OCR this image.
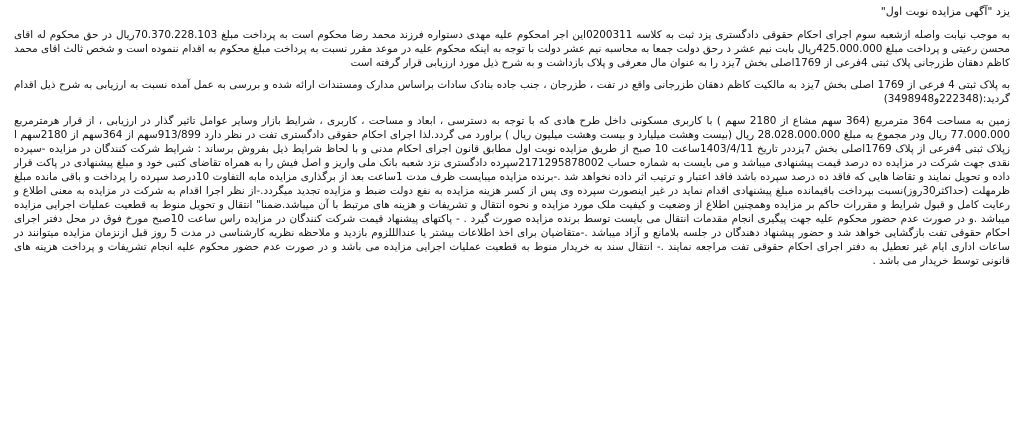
یزد "آگهی مزایده نوبت اول"
به موجب نیابت واصله ازشعبه سوم اجرای احکام حقوقی دادگستری یزد ثبت به کلاسه 0200311این اجر امحکوم علیه مهدی دستواره فرزند محمد رضا محکوم است به پرداخت مبلغ 70.370.228.103ریال در حق محکوم له اقای محسن رعیتی و پرداخت مبلغ 425.000.000ریال بابت نیم عشر د رحق دولت جمعا به محاسبه نیم عشر دولت با توجه به اینکه محکوم علیه در موعد مقرر نسبت به پرداخت مبلغ محکوم به اقدام ننموده است و شخص ثالث اقای محمد کاظم دهقان طزرجانی پلاک ثبتی 4فرعی از 1769اصلی بخش 7یزد را به عنوان مال معرفی و پلاک بازداشت و به شرح ذیل مورد ارزیابی قرار گرفته است
به پلاک ثبتی 4 فرعی از 1769 اصلی بخش 7یزد به مالکیت کاظم دهقان طزرجانی واقع در تفت ، طزرجان ، جنب جاده بنادک سادات براساس مدارک ومستندات ارائه شده و بررسی به عمل آمده نسبت به ارزیابی به شرح ذیل اقدام گردید:(222348و3498948)
زمین به مساحت 364 مترمربع (364 سهم مشاع از 2180 سهم ) با کاربری مسکونی داخل طرح هادی که با توجه به دسترسی ، ابعاد و مساحت ، کاربری ، شرایط بازار وسایر عوامل تاثیر گذار در ارزیابی ، از قرار هرمترمربع 77.000.000 ریال ودر مجموع به مبلغ 28.028.000.000 ریال (بیست وهشت میلیارد و بیست وهشت میلیون ریال ) براورد می گردد.لذا اجرای احکام حقوقی دادگستری تفت در نظر دارد 913/899سهم از 364سهم از 2180سهم ا زپلاک ثبتی 4فرعی از پلاک 1769اصلی بخش 7یزددر تاریخ 1403/4/11ساعت 10 صبح از طریق مزایده نوبت اول مطابق قانون اجرای احکام مدنی و با لحاظ شرایط ذیل بفروش برساند : شرایط شرکت کنندگان در مزایده -سپرده نقدی جهت شرکت در مزایده ده درصد قیمت پیشنهادی میباشد و می بایست به شماره حساب 2171295878002سپرده دادگستری نزد شعبه بانک ملی واریز و اصل فیش را به همراه تقاضای کتبی خود و مبلغ پیشنهادی در پاکت قرار داده و تحویل نمایند و تقاضا هایی که فاقد ده درصد سپرده باشد فاقد اعتبار و ترتیب اثر داده نخواهد شد .-برنده مزایده میبایست ظرف مدت 1ساعت بعد از برگذاری مزایده مابه التفاوت 10درصد سپرده را پرداخت و باقی مانده مبلغ ظرمهلت (حداکثر30روز)نسبت بپرداخت باقیمانده مبلغ پیشنهادی اقدام نماید در غیر اینصورت سپرده وی پس از کسر هزینه مزایده به نفع دولت ضبط و مزایده تجدید میگردد.-از نظر اجرا اقدام به شرکت در مزایده به معنی اطلاع و رعایت کامل و قبول شرایط و مقررات حاکم بر مزایده وهمچنین اطلاع از وضعیت و کیفیت ملک مورد مزایده و نحوه انتقال و تشریفات و هزینه های مرتبط با آن میباشد.ضمنا" انتقال و تحویل منوط به قطعیت عملیات اجرایی مزایده میباشد .و در صورت عدم حضور محکوم علیه جهت پیگیری انجام مقدمات انتقال می بایست توسط برنده مزایده صورت گیرد . - پاکتهای پیشنهاد قیمت شرکت کنندگان در مزایده راس ساعت 10صبح مورخ فوق در محل دفتر اجرای احکام حقوقی تفت بازگشایی خواهد شد و حضور پیشنهاد دهندگان در جلسه بلامانع و آزاد میباشد .-متقاضیان برای اخذ اطلاعات بیشتر یا عندالللزوم بازدید و ملاحظه نظریه کارشناسی در مدت 5 روز قبل ازنزمان مزایده میتوانند در ساعات اداری ایام غیر تعطیل به دفتر اجرای احکام حقوقی تفت مراجعه نمایند .- انتقال سند به خریدار منوط به قطعیت عملیات اجرایی مزایده می باشد و در صورت عدم حضور محکوم علیه انجام تشریفات و پرداخت هزینه های قانونی توسط خریدار می باشد .
